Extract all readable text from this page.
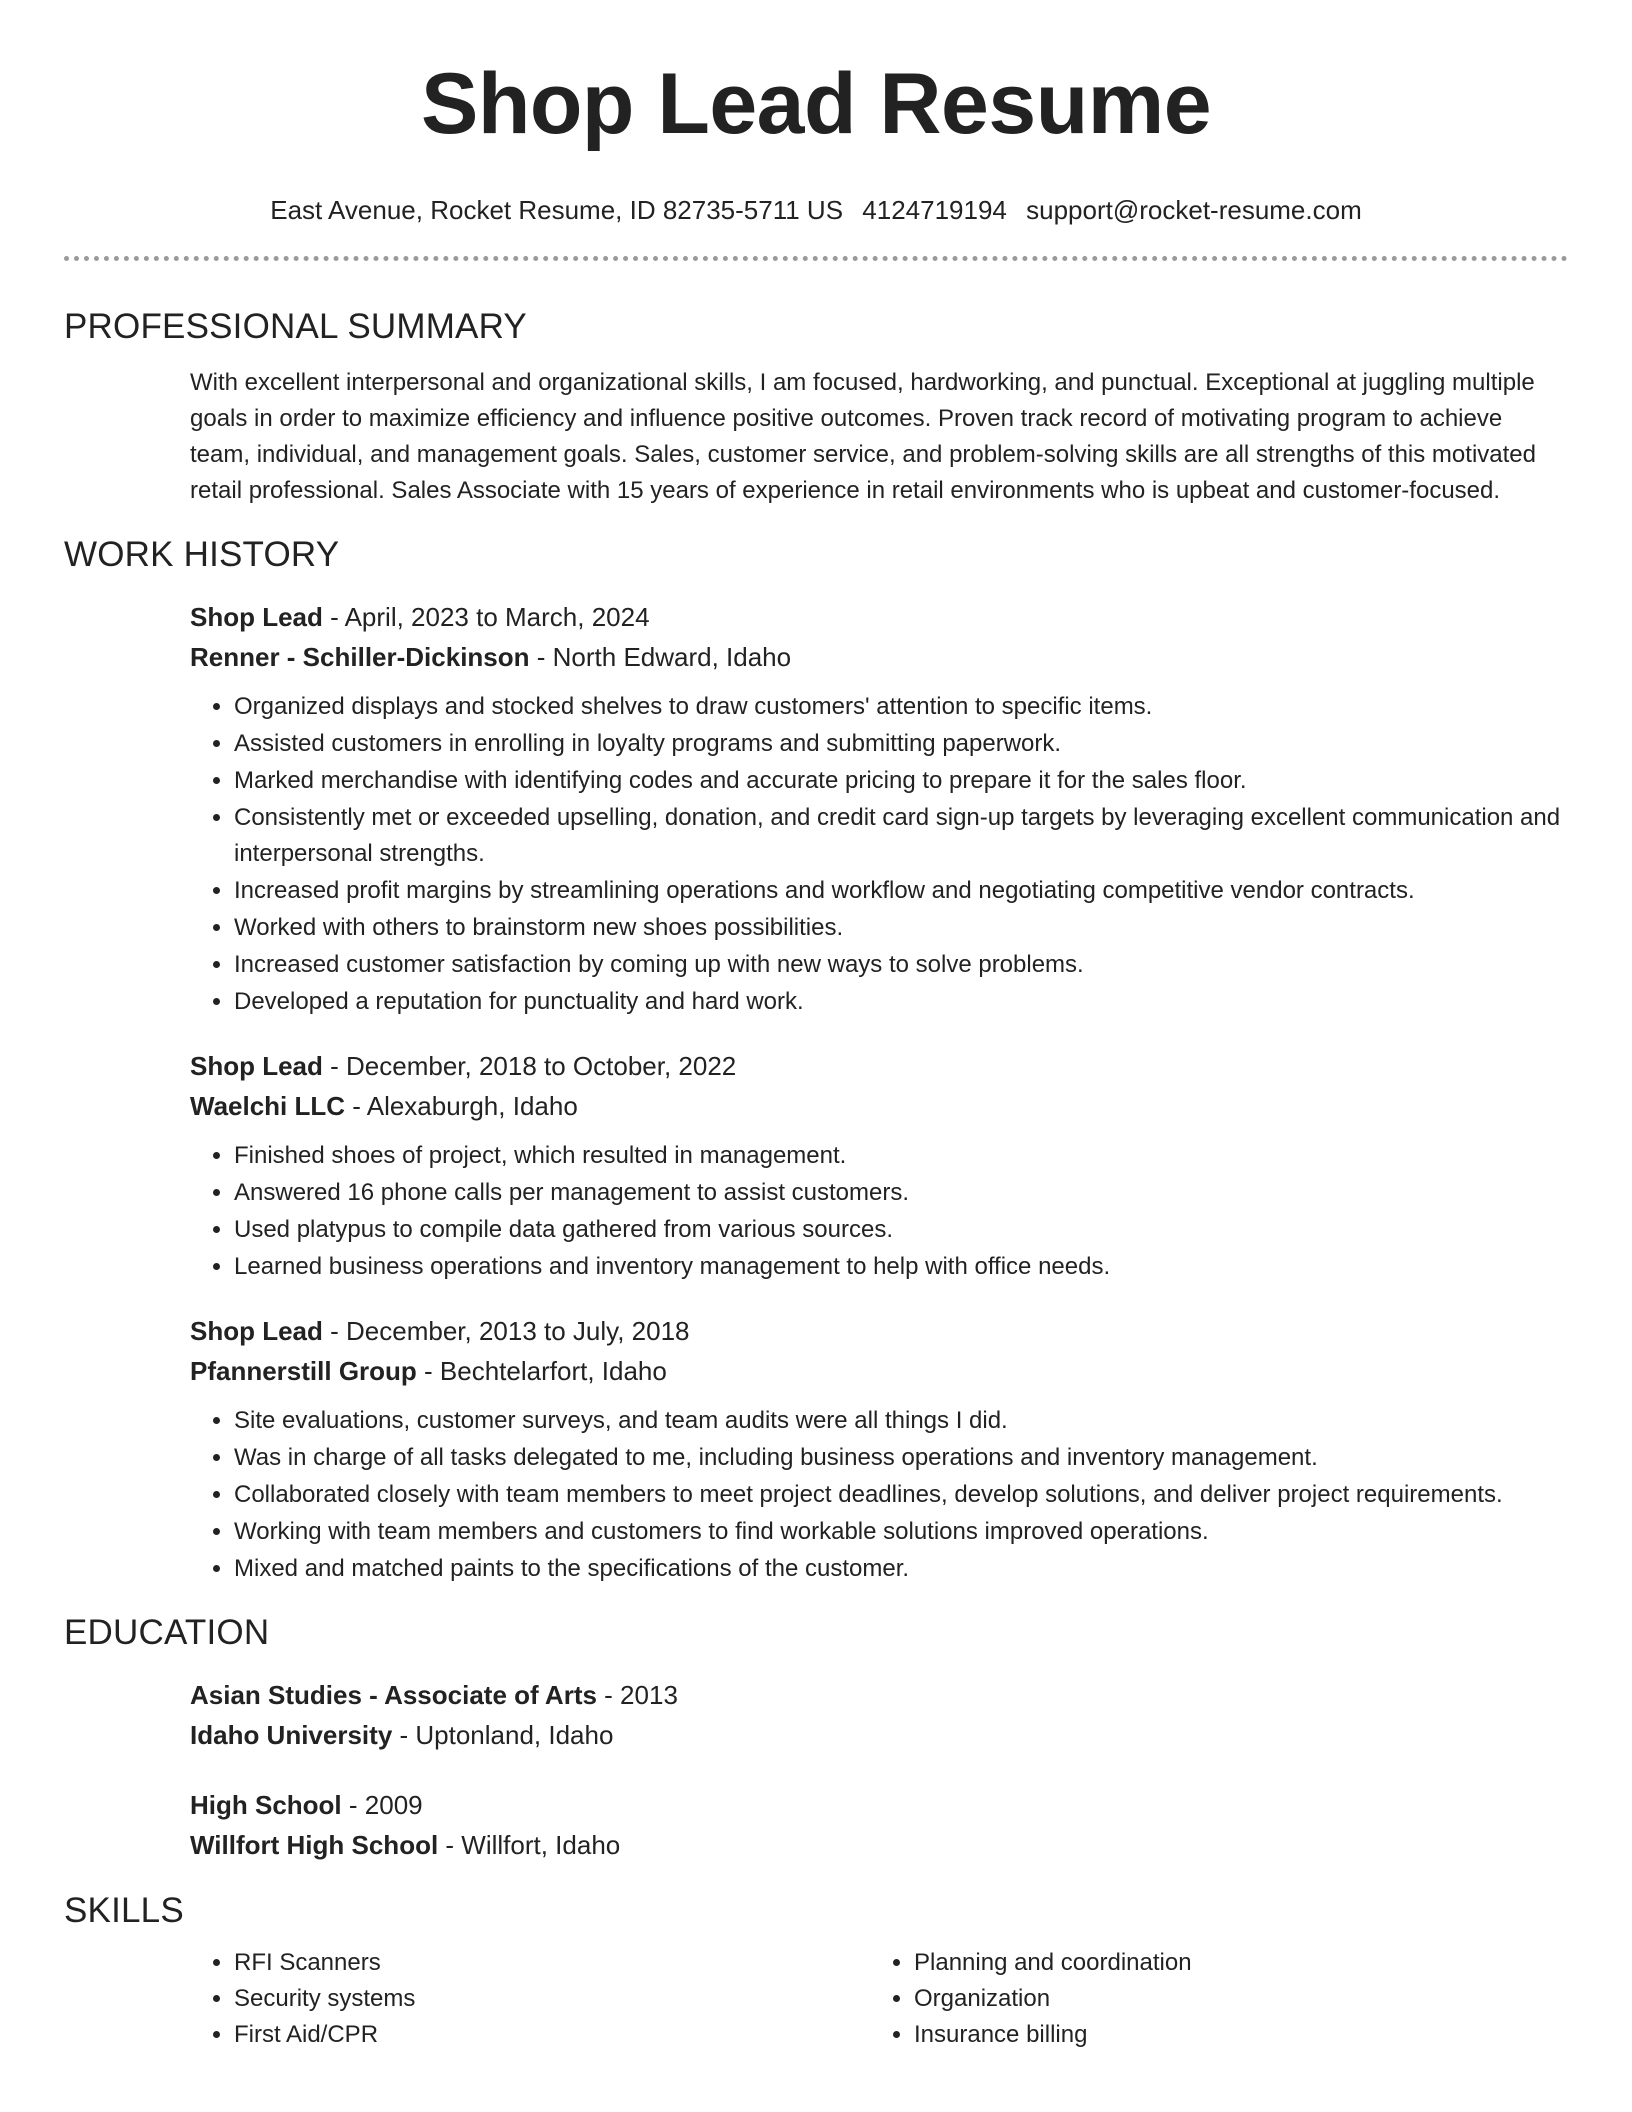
Shop Lead Resume
East Avenue, Rocket Resume, ID 82735-5711 US 4124719194 support@rocket-resume.com
PROFESSIONAL SUMMARY

With excellent interpersonal and organizational skills, I am focused, hardworking, and punctual. Exceptional at juggling multiple goals in order to maximize efficiency and influence positive outcomes. Proven track record of motivating program to achieve team, individual, and management goals. Sales, customer service, and problem-solving skills are all strengths of this motivated retail professional. Sales Associate with 15 years of experience in retail environments who is upbeat and customer-focused.

WORK HISTORY
Shop Lead - April, 2023 to March, 2024
Renner - Schiller-Dickinson - North Edward, Idaho
• Organized displays and stocked shelves to draw customers' attention to specific items.
• Assisted customers in enrolling in loyalty programs and submitting paperwork.
• Marked merchandise with identifying codes and accurate pricing to prepare it for the sales floor.
• Consistently met or exceeded upselling, donation, and credit card sign-up targets by leveraging excellent communication and interpersonal strengths.
• Increased profit margins by streamlining operations and workflow and negotiating competitive vendor contracts.
• Worked with others to brainstorm new shoes possibilities.
• Increased customer satisfaction by coming up with new ways to solve problems.
• Developed a reputation for punctuality and hard work.
Shop Lead - December, 2018 to October, 2022
Waelchi LLC - Alexaburgh, Idaho
• Finished shoes of project, which resulted in management.
• Answered 16 phone calls per management to assist customers.
• Used platypus to compile data gathered from various sources.
• Learned business operations and inventory management to help with office needs.
Shop Lead - December, 2013 to July, 2018
Pfannerstill Group - Bechtelarfort, Idaho
• Site evaluations, customer surveys, and team audits were all things I did.
• Was in charge of all tasks delegated to me, including business operations and inventory management.
• Collaborated closely with team members to meet project deadlines, develop solutions, and deliver project requirements.
• Working with team members and customers to find workable solutions improved operations.
• Mixed and matched paints to the specifications of the customer.
EDUCATION
Asian Studies - Associate of Arts - 2013
Idaho University - Uptonland, Idaho
High School - 2009
Willfort High School - Willfort, Idaho
SKILLS
• RFI Scanners
• Security systems
• First Aid/CPR
• Planning and coordination
• Organization
• Insurance billing
